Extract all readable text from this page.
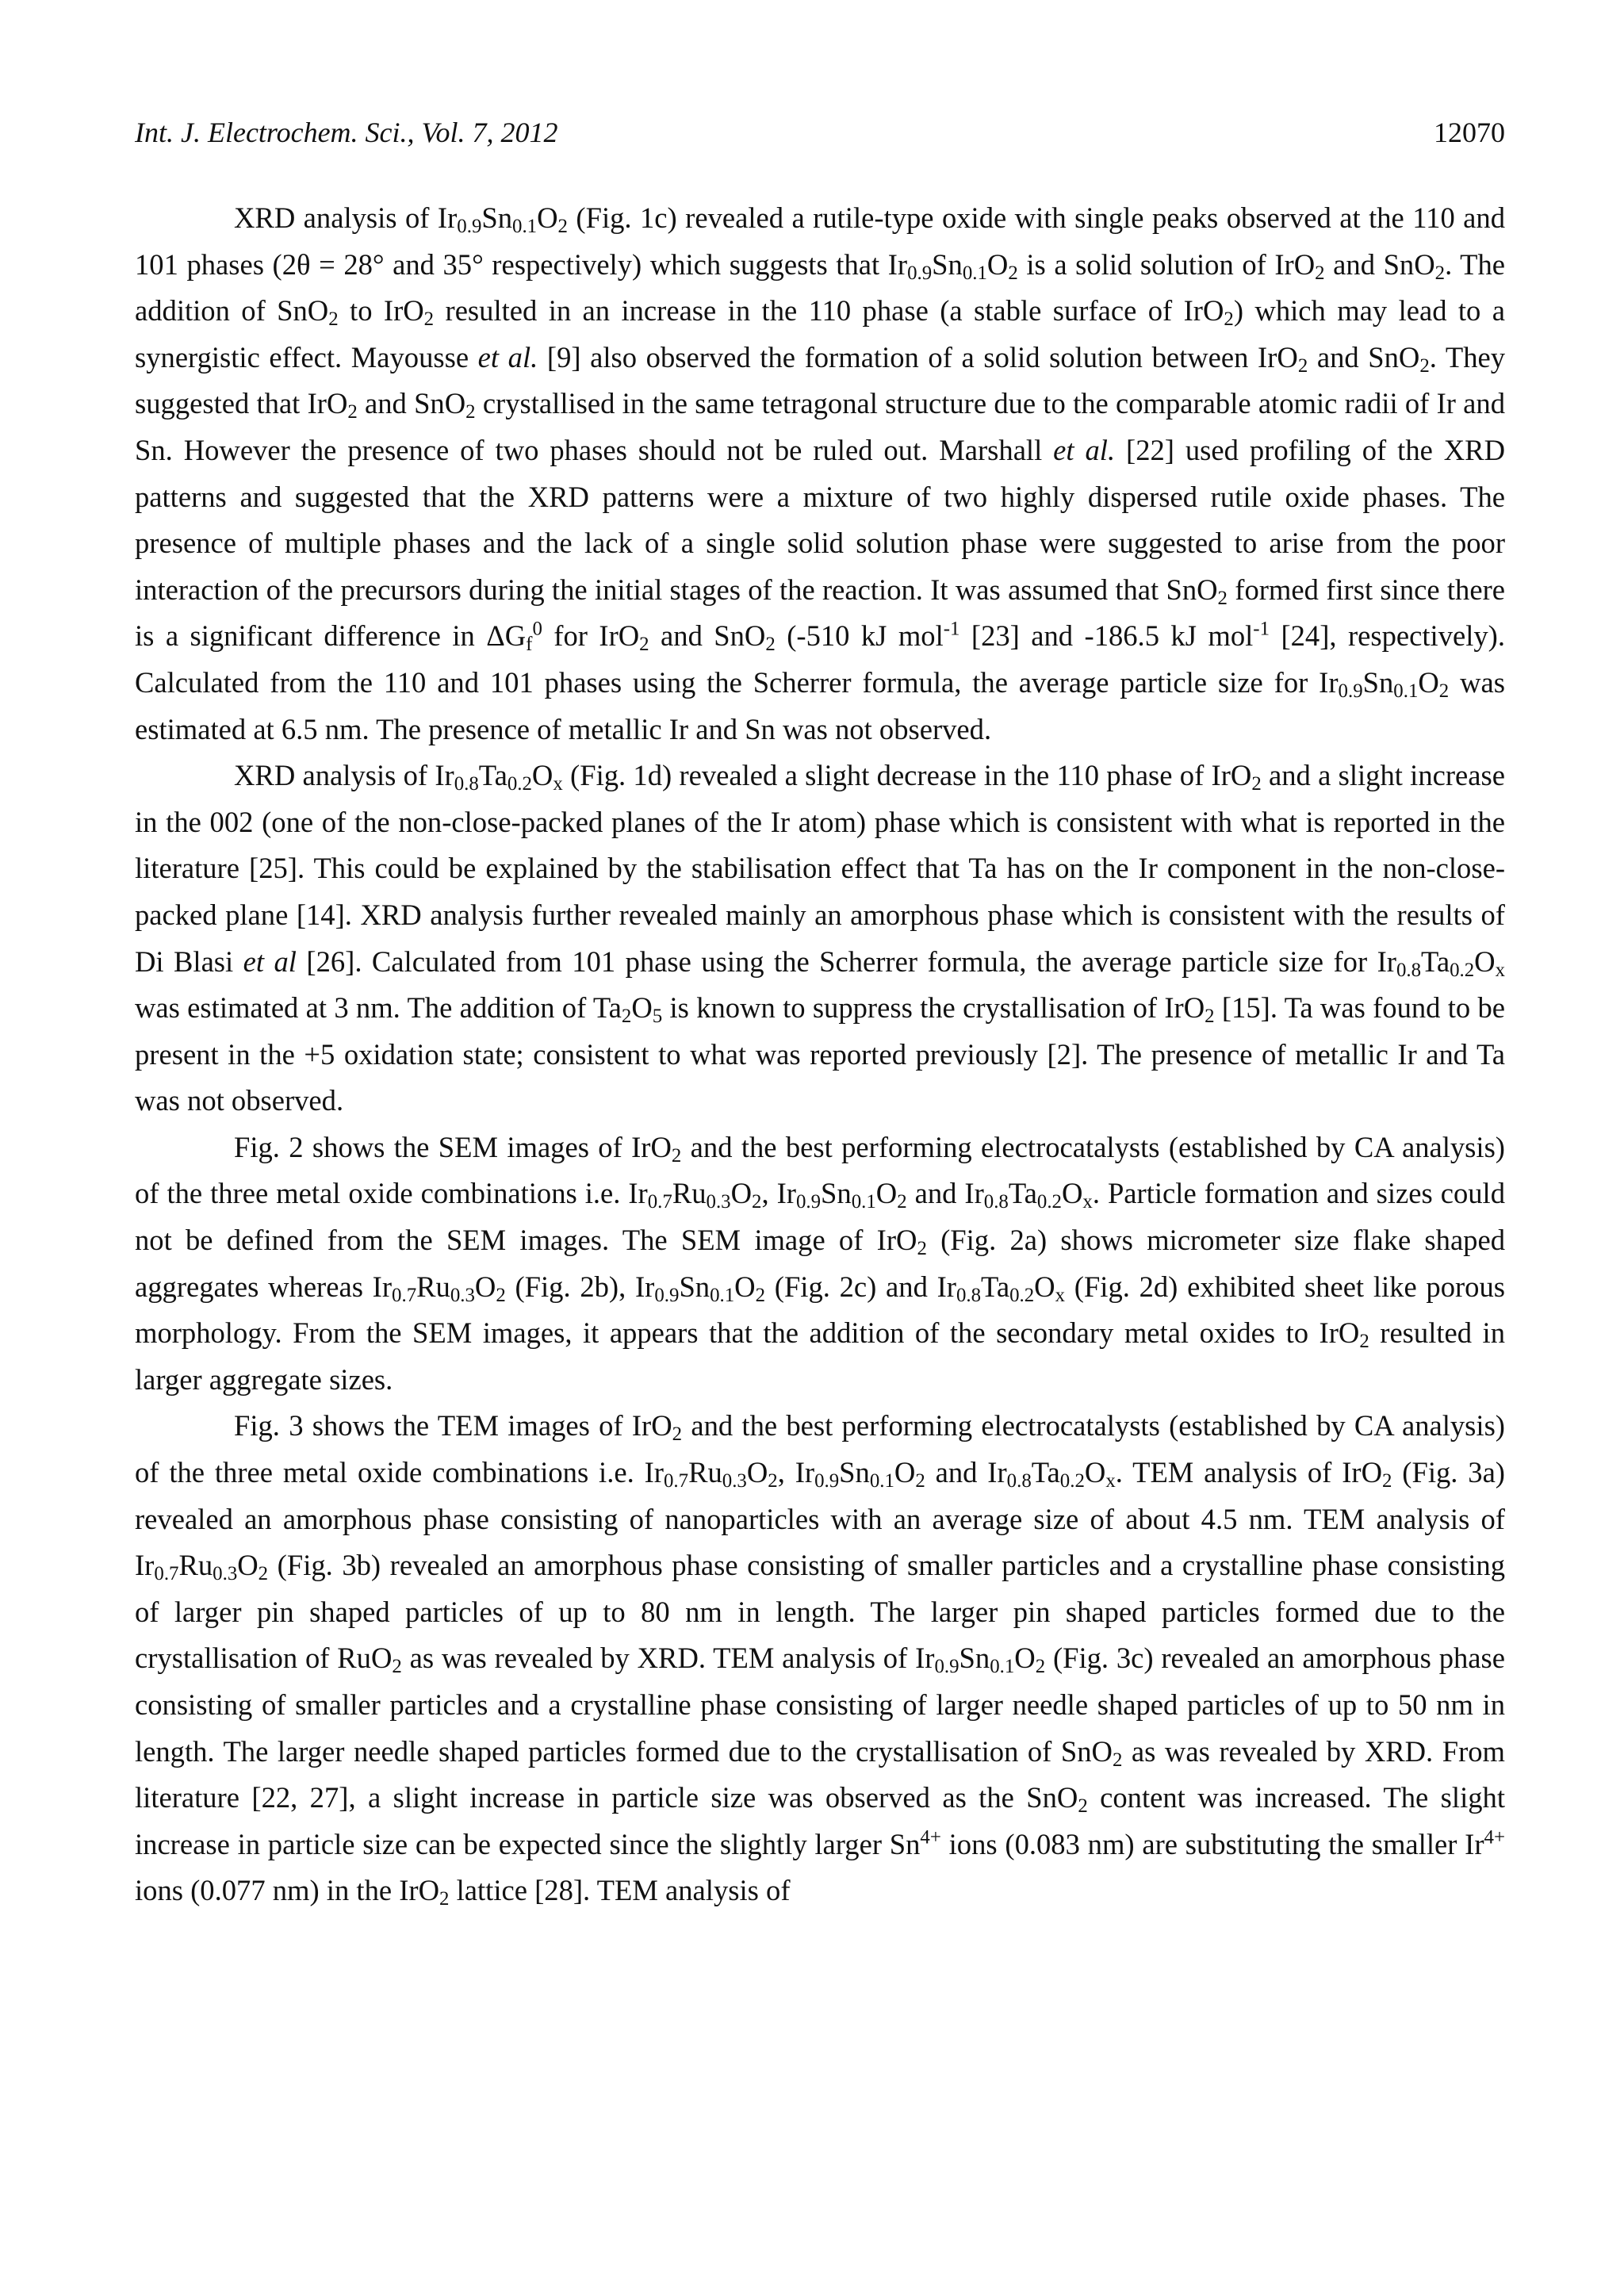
Int. J. Electrochem. Sci., Vol. 7, 2012	12070

XRD analysis of $Ir_{0.9}Sn_{0.1}O_2$ (Fig. 1c) revealed a rutile-type oxide with single peaks observed at the 110 and 101 phases (2θ = 28° and 35° respectively) which suggests that $Ir_{0.9}Sn_{0.1}O_2$ is a solid solution of IrO$_2$ and SnO$_2$. The addition of SnO$_2$ to IrO$_2$ resulted in an increase in the 110 phase (a stable surface of IrO$_2$) which may lead to a synergistic effect. Mayousse et al. [9] also observed the formation of a solid solution between IrO$_2$ and SnO$_2$. They suggested that IrO$_2$ and SnO$_2$ crystallised in the same tetragonal structure due to the comparable atomic radii of Ir and Sn. However the presence of two phases should not be ruled out. Marshall et al. [22] used profiling of the XRD patterns and suggested that the XRD patterns were a mixture of two highly dispersed rutile oxide phases. The presence of multiple phases and the lack of a single solid solution phase were suggested to arise from the poor interaction of the precursors during the initial stages of the reaction. It was assumed that SnO$_2$ formed first since there is a significant difference in $\Delta G_f^0$ for IrO$_2$ and SnO$_2$ (-510 kJ mol$^{-1}$ [23] and -186.5 kJ mol$^{-1}$ [24], respectively). Calculated from the 110 and 101 phases using the Scherrer formula, the average particle size for $Ir_{0.9}Sn_{0.1}O_2$ was estimated at 6.5 nm. The presence of metallic Ir and Sn was not observed.

XRD analysis of $Ir_{0.8}Ta_{0.2}O_x$ (Fig. 1d) revealed a slight decrease in the 110 phase of IrO$_2$ and a slight increase in the 002 (one of the non-close-packed planes of the Ir atom) phase which is consistent with what is reported in the literature [25]. This could be explained by the stabilisation effect that Ta has on the Ir component in the non-close-packed plane [14]. XRD analysis further revealed mainly an amorphous phase which is consistent with the results of Di Blasi et al [26]. Calculated from 101 phase using the Scherrer formula, the average particle size for $Ir_{0.8}Ta_{0.2}O_x$ was estimated at 3 nm. The addition of $Ta_2O_5$ is known to suppress the crystallisation of IrO$_2$ [15]. Ta was found to be present in the +5 oxidation state; consistent to what was reported previously [2]. The presence of metallic Ir and Ta was not observed.

Fig. 2 shows the SEM images of IrO$_2$ and the best performing electrocatalysts (established by CA analysis) of the three metal oxide combinations i.e. $Ir_{0.7}Ru_{0.3}O_2$, $Ir_{0.9}Sn_{0.1}O_2$ and $Ir_{0.8}Ta_{0.2}O_x$. Particle formation and sizes could not be defined from the SEM images. The SEM image of IrO$_2$ (Fig. 2a) shows micrometer size flake shaped aggregates whereas $Ir_{0.7}Ru_{0.3}O_2$ (Fig. 2b), $Ir_{0.9}Sn_{0.1}O_2$ (Fig. 2c) and $Ir_{0.8}Ta_{0.2}O_x$ (Fig. 2d) exhibited sheet like porous morphology. From the SEM images, it appears that the addition of the secondary metal oxides to IrO$_2$ resulted in larger aggregate sizes.

Fig. 3 shows the TEM images of IrO$_2$ and the best performing electrocatalysts (established by CA analysis) of the three metal oxide combinations i.e. $Ir_{0.7}Ru_{0.3}O_2$, $Ir_{0.9}Sn_{0.1}O_2$ and $Ir_{0.8}Ta_{0.2}O_x$. TEM analysis of IrO$_2$ (Fig. 3a) revealed an amorphous phase consisting of nanoparticles with an average size of about 4.5 nm. TEM analysis of $Ir_{0.7}Ru_{0.3}O_2$ (Fig. 3b) revealed an amorphous phase consisting of smaller particles and a crystalline phase consisting of larger pin shaped particles of up to 80 nm in length. The larger pin shaped particles formed due to the crystallisation of RuO$_2$ as was revealed by XRD. TEM analysis of $Ir_{0.9}Sn_{0.1}O_2$ (Fig. 3c) revealed an amorphous phase consisting of smaller particles and a crystalline phase consisting of larger needle shaped particles of up to 50 nm in length. The larger needle shaped particles formed due to the crystallisation of SnO$_2$ as was revealed by XRD. From literature [22, 27], a slight increase in particle size was observed as the SnO$_2$ content was increased. The slight increase in particle size can be expected since the slightly larger $Sn^{4+}$ ions (0.083 nm) are substituting the smaller $Ir^{4+}$ ions (0.077 nm) in the IrO$_2$ lattice [28]. TEM analysis of
